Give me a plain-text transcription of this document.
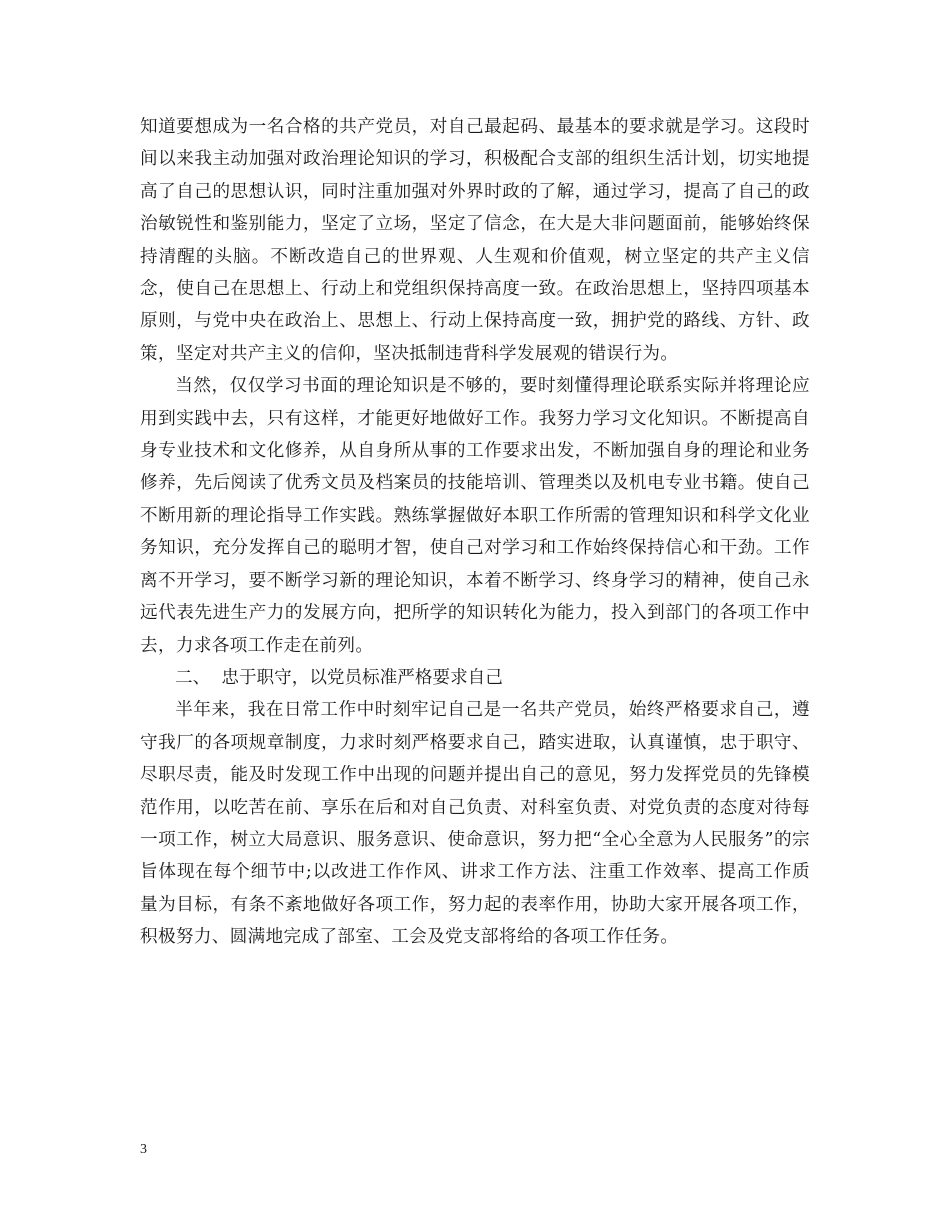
知道要想成为一名合格的共产党员，对自己最起码、最基本的要求就是学习。这段时间以来我主动加强对政治理论知识的学习，积极配合支部的组织生活计划，切实地提高了自己的思想认识，同时注重加强对外界时政的了解，通过学习，提高了自己的政治敏锐性和鉴别能力，坚定了立场，坚定了信念，在大是大非问题面前，能够始终保持清醒的头脑。不断改造自己的世界观、人生观和价值观，树立坚定的共产主义信念，使自己在思想上、行动上和党组织保持高度一致。在政治思想上，坚持四项基本原则，与党中央在政治上、思想上、行动上保持高度一致，拥护党的路线、方针、政策，坚定对共产主义的信仰，坚决抵制违背科学发展观的错误行为。

当然，仅仅学习书面的理论知识是不够的，要时刻懂得理论联系实际并将理论应用到实践中去，只有这样，才能更好地做好工作。我努力学习文化知识。不断提高自身专业技术和文化修养，从自身所从事的工作要求出发，不断加强自身的理论和业务修养，先后阅读了优秀文员及档案员的技能培训、管理类以及机电专业书籍。使自己不断用新的理论指导工作实践。熟练掌握做好本职工作所需的管理知识和科学文化业务知识，充分发挥自己的聪明才智，使自己对学习和工作始终保持信心和干劲。工作离不开学习，要不断学习新的理论知识，本着不断学习、终身学习的精神，使自己永远代表先进生产力的发展方向，把所学的知识转化为能力，投入到部门的各项工作中去，力求各项工作走在前列。

二、  忠于职守，以党员标准严格要求自己

半年来，我在日常工作中时刻牢记自己是一名共产党员，始终严格要求自己，遵守我厂的各项规章制度，力求时刻严格要求自己，踏实进取，认真谨慎，忠于职守、尽职尽责，能及时发现工作中出现的问题并提出自己的意见，努力发挥党员的先锋模范作用，以吃苦在前、享乐在后和对自己负责、对科室负责、对党负责的态度对待每一项工作，树立大局意识、服务意识、使命意识，努力把“全心全意为人民服务”的宗旨体现在每个细节中;以改进工作作风、讲求工作方法、注重工作效率、提高工作质量为目标，有条不紊地做好各项工作，努力起的表率作用，协助大家开展各项工作，积极努力、圆满地完成了部室、工会及党支部将给的各项工作任务。

3
